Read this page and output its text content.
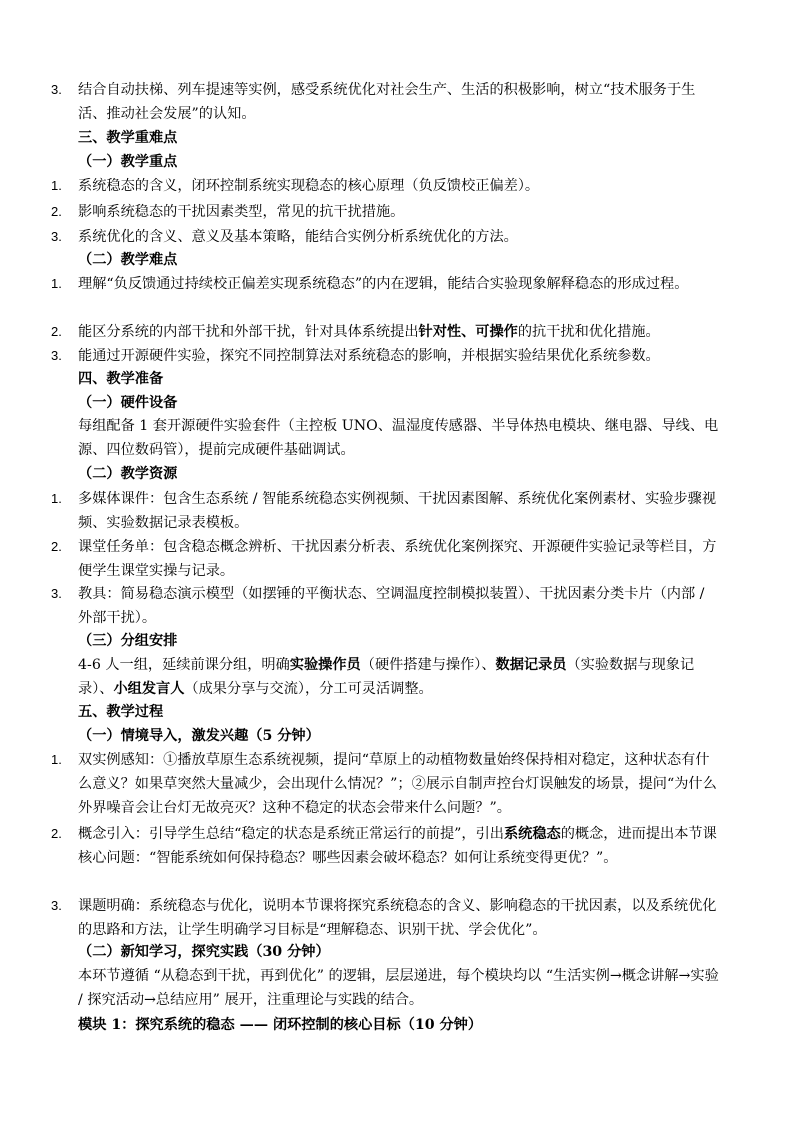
3.	结合自动扶梯、列车提速等实例，感受系统优化对社会生产、生活的积极影响，树立“技术服务于生活、推动社会发展”的认知。
三、教学重难点
（一）教学重点
1.	系统稳态的含义，闭环控制系统实现稳态的核心原理（负反馈校正偏差）。
2.	影响系统稳态的干扰因素类型，常见的抗干扰措施。
3.	系统优化的含义、意义及基本策略，能结合实例分析系统优化的方法。
（二）教学难点
1.	理解“负反馈通过持续校正偏差实现系统稳态”的内在逻辑，能结合实验现象解释稳态的形成过程。
2.	能区分系统的内部干扰和外部干扰，针对具体系统提出针对性、可操作的抗干扰和优化措施。
3.	能通过开源硬件实验，探究不同控制算法对系统稳态的影响，并根据实验结果优化系统参数。
四、教学准备
（一）硬件设备
每组配备 1 套开源硬件实验套件（主控板 UNO、温湿度传感器、半导体热电模块、继电器、导线、电源、四位数码管），提前完成硬件基础调试。
（二）教学资源
1.	多媒体课件：包含生态系统 / 智能系统稳态实例视频、干扰因素图解、系统优化案例素材、实验步骤视频、实验数据记录表模板。
2.	课堂任务单：包含稳态概念辨析、干扰因素分析表、系统优化案例探究、开源硬件实验记录等栏目，方便学生课堂实操与记录。
3.	教具：简易稳态演示模型（如摆锤的平衡状态、空调温度控制模拟装置）、干扰因素分类卡片（内部 / 外部干扰）。
（三）分组安排
4-6 人一组，延续前课分组，明确实验操作员（硬件搭建与操作）、数据记录员（实验数据与现象记录）、小组发言人（成果分享与交流），分工可灵活调整。
五、教学过程
（一）情境导入，激发兴趣（5 分钟）
1.	双实例感知：①播放草原生态系统视频，提问“草原上的动植物数量始终保持相对稳定，这种状态有什么意义？如果草突然大量减少，会出现什么情况？”；②展示自制声控台灯误触发的场景，提问“为什么外界噪音会让台灯无故亮灭？这种不稳定的状态会带来什么问题？”。
2.	概念引入：引导学生总结“稳定的状态是系统正常运行的前提”，引出系统稳态的概念，进而提出本节课核心问题：“智能系统如何保持稳态？哪些因素会破坏稳态？如何让系统变得更优？”。
3.	课题明确：系统稳态与优化，说明本节课将探究系统稳态的含义、影响稳态的干扰因素，以及系统优化的思路和方法，让学生明确学习目标是“理解稳态、识别干扰、学会优化”。
（二）新知学习，探究实践（30 分钟）
本环节遵循 “从稳态到干扰，再到优化” 的逻辑，层层递进，每个模块均以 “生活实例→概念讲解→实验 / 探究活动→总结应用” 展开，注重理论与实践的结合。
模块 1：探究系统的稳态 —— 闭环控制的核心目标（10 分钟）
